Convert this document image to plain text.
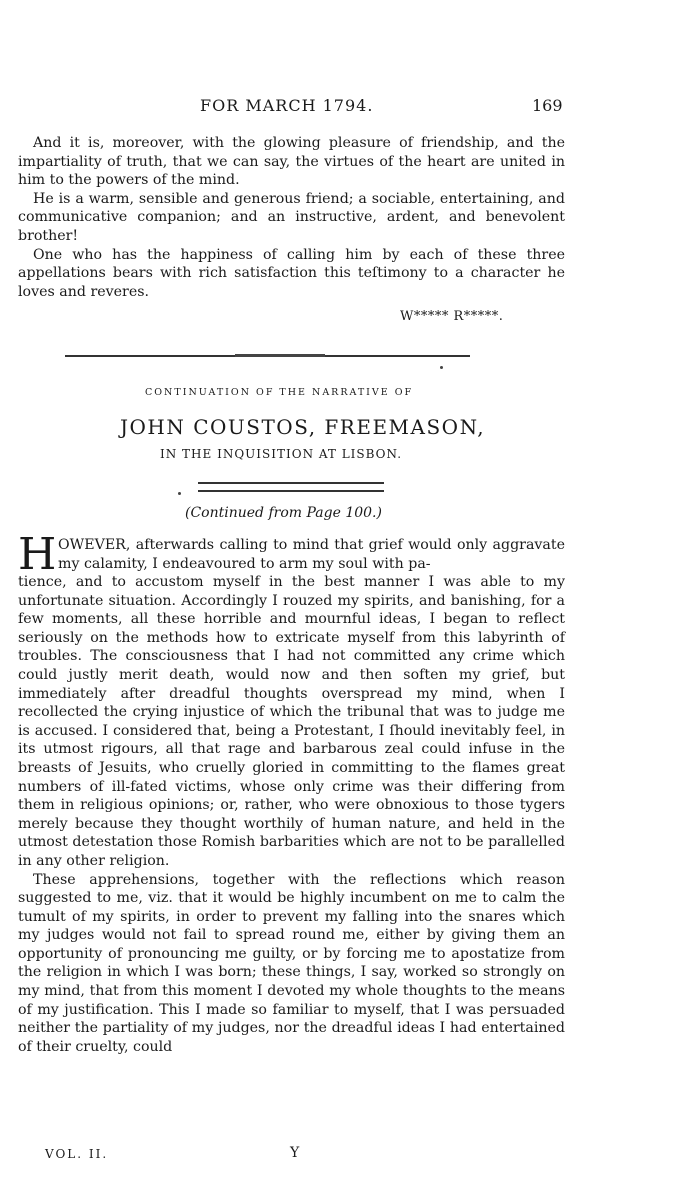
FOR MARCH 1794.	169

And it is, moreover, with the glowing pleasure of friendship, and the impartiality of truth, that we can say, the virtues of the heart are united in him to the powers of the mind.

He is a warm, sensible and generous friend; a sociable, entertaining, and communicative companion; and an instructive, ardent, and benevolent brother!

One who has the happiness of calling him by each of these three appellations bears with rich satisfaction this teſtimony to a character he loves and reveres.

W***** R*****.
CONTINUATION OF THE NARRATIVE OF
JOHN COUSTOS, FREEMASON,
IN THE INQUISITION AT LISBON.
(Continued from Page 100.)
H OWEVER, afterwards calling to mind that grief would only aggravate my calamity, I endeavoured to arm my soul with pa-

tience, and to accustom myself in the best manner I was able to my unfortunate situation. Accordingly I rouzed my spirits, and banishing, for a few moments, all these horrible and mournful ideas, I began to reflect seriously on the methods how to extricate myself from this labyrinth of troubles. The consciousness that I had not committed any crime which could justly merit death, would now and then soften my grief, but immediately after dreadful thoughts overspread my mind, when I recollected the crying injustice of which the tribunal that was to judge me is accused. I considered that, being a Protestant, I ſhould inevitably feel, in its utmost rigours, all that rage and barbarous zeal could infuse in the breasts of Jesuits, who cruelly gloried in committing to the flames great numbers of ill-fated victims, whose only crime was their differing from them in religious opinions; or, rather, who were obnoxious to those tygers merely because they thought worthily of human nature, and held in the utmost detestation those Romish barbarities which are not to be parallelled in any other religion.

These apprehensions, together with the reflections which reason suggested to me, viz. that it would be highly incumbent on me to calm the tumult of my spirits, in order to prevent my falling into the snares which my judges would not fail to spread round me, either by giving them an opportunity of pronouncing me guilty, or by forcing me to apostatize from the religion in which I was born; these things, I say, worked so strongly on my mind, that from this moment I devoted my whole thoughts to the means of my justification. This I made so familiar to myself, that I was persuaded neither the partiality of my judges, nor the dreadful ideas I had entertained of their cruelty, could

VOL. II.	Y
